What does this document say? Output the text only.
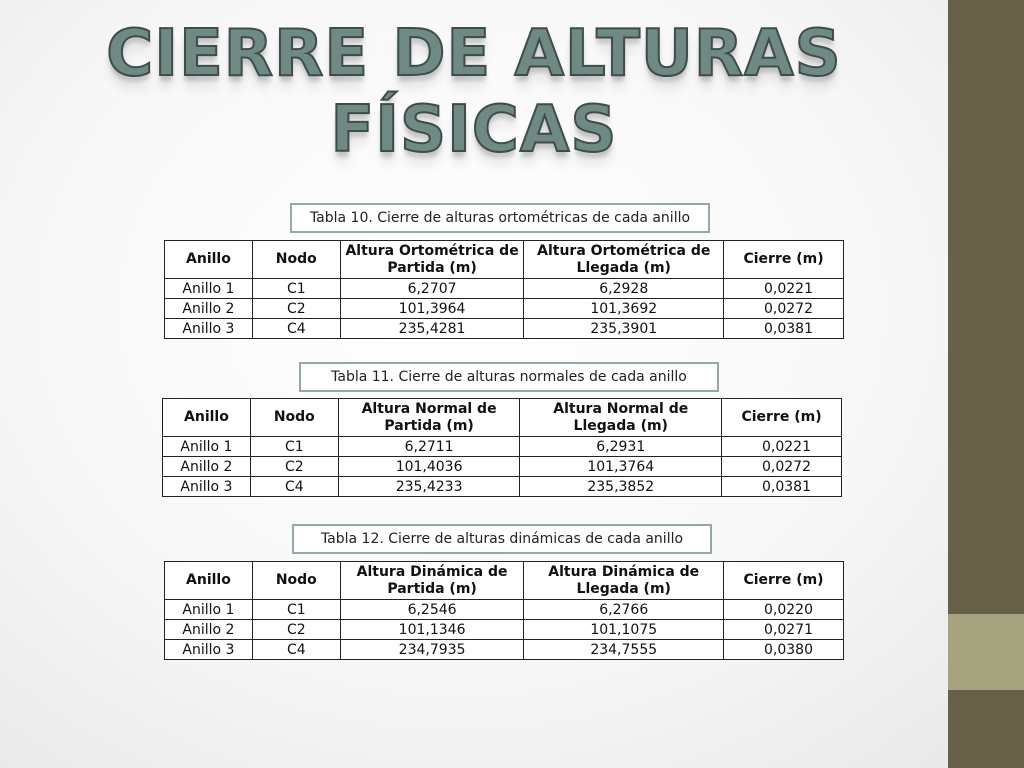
CIERRE DE ALTURAS
FÍSICAS
Tabla 10. Cierre de alturas ortométricas de cada anillo
Anillo	Nodo	Altura Ortométrica de Partida (m)	Altura Ortométrica de Llegada (m)	Cierre (m)
Anillo 1	C1	6,2707	6,2928	0,0221
Anillo 2	C2	101,3964	101,3692	0,0272
Anillo 3	C4	235,4281	235,3901	0,0381
Tabla 11. Cierre de alturas normales de cada anillo
Anillo	Nodo	Altura Normal de Partida (m)	Altura Normal de Llegada (m)	Cierre (m)
Anillo 1	C1	6,2711	6,2931	0,0221
Anillo 2	C2	101,4036	101,3764	0,0272
Anillo 3	C4	235,4233	235,3852	0,0381
Tabla 12. Cierre de alturas dinámicas de cada anillo
Anillo	Nodo	Altura Dinámica de Partida (m)	Altura Dinámica de Llegada (m)	Cierre (m)
Anillo 1	C1	6,2546	6,2766	0,0220
Anillo 2	C2	101,1346	101,1075	0,0271
Anillo 3	C4	234,7935	234,7555	0,0380
